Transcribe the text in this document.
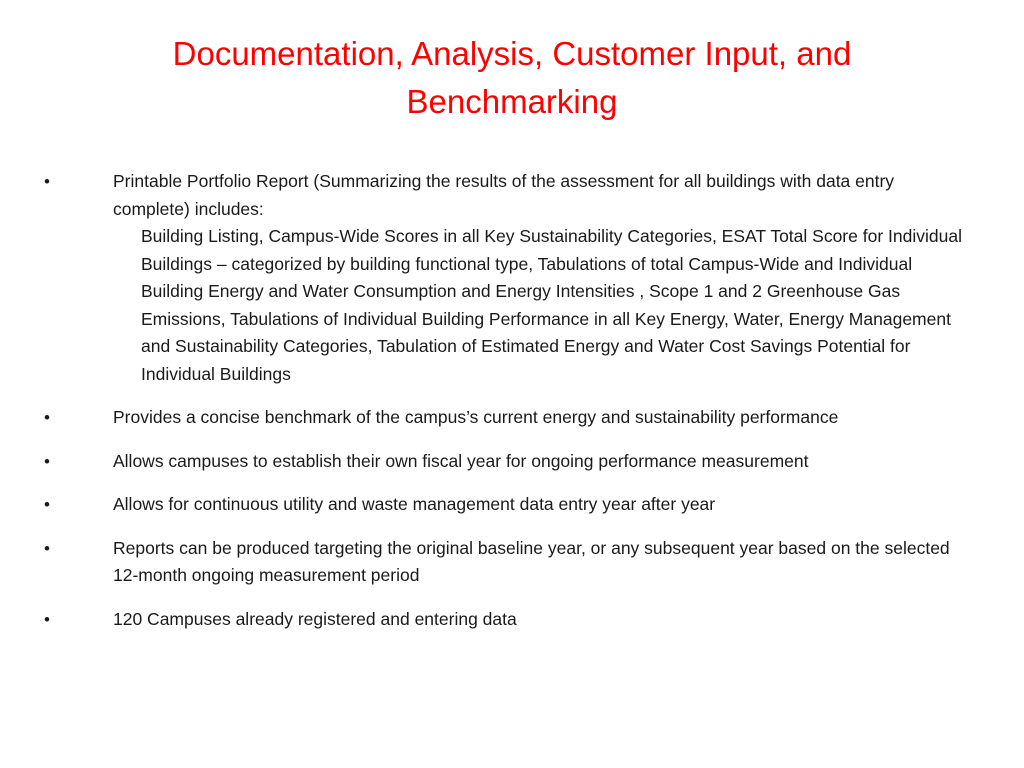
Documentation, Analysis, Customer Input, and Benchmarking
•	Printable Portfolio Report (Summarizing the results of the assessment for all buildings with data entry complete) includes:
Building Listing, Campus-Wide Scores in all Key Sustainability Categories, ESAT Total Score for Individual Buildings – categorized by building functional type, Tabulations of total Campus-Wide and Individual Building Energy and Water Consumption and Energy Intensities , Scope 1 and 2 Greenhouse Gas Emissions, Tabulations of Individual Building Performance in all Key Energy, Water, Energy Management and Sustainability Categories, Tabulation of Estimated Energy and Water Cost Savings Potential for Individual Buildings
•	Provides a concise benchmark of the campus’s current energy and sustainability performance
•	Allows campuses to establish their own fiscal year for ongoing performance measurement
•	Allows for continuous utility and waste management data entry year after year
•	Reports can be produced targeting the original baseline year, or any subsequent year based on the selected 12-month ongoing measurement period
•	120 Campuses already registered and entering data
